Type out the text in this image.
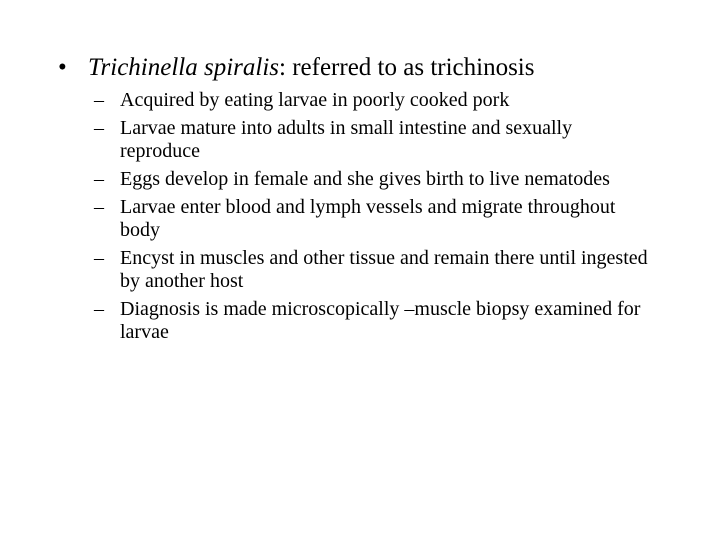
• Trichinella spiralis: referred to as trichinosis
– Acquired by eating larvae in poorly cooked pork
– Larvae mature into adults in small intestine and sexually reproduce
– Eggs develop in female and she gives birth to live nematodes
– Larvae enter blood and lymph vessels and migrate throughout body
– Encyst in muscles and other tissue and remain there until ingested by another host
– Diagnosis is made microscopically –muscle biopsy examined for larvae
